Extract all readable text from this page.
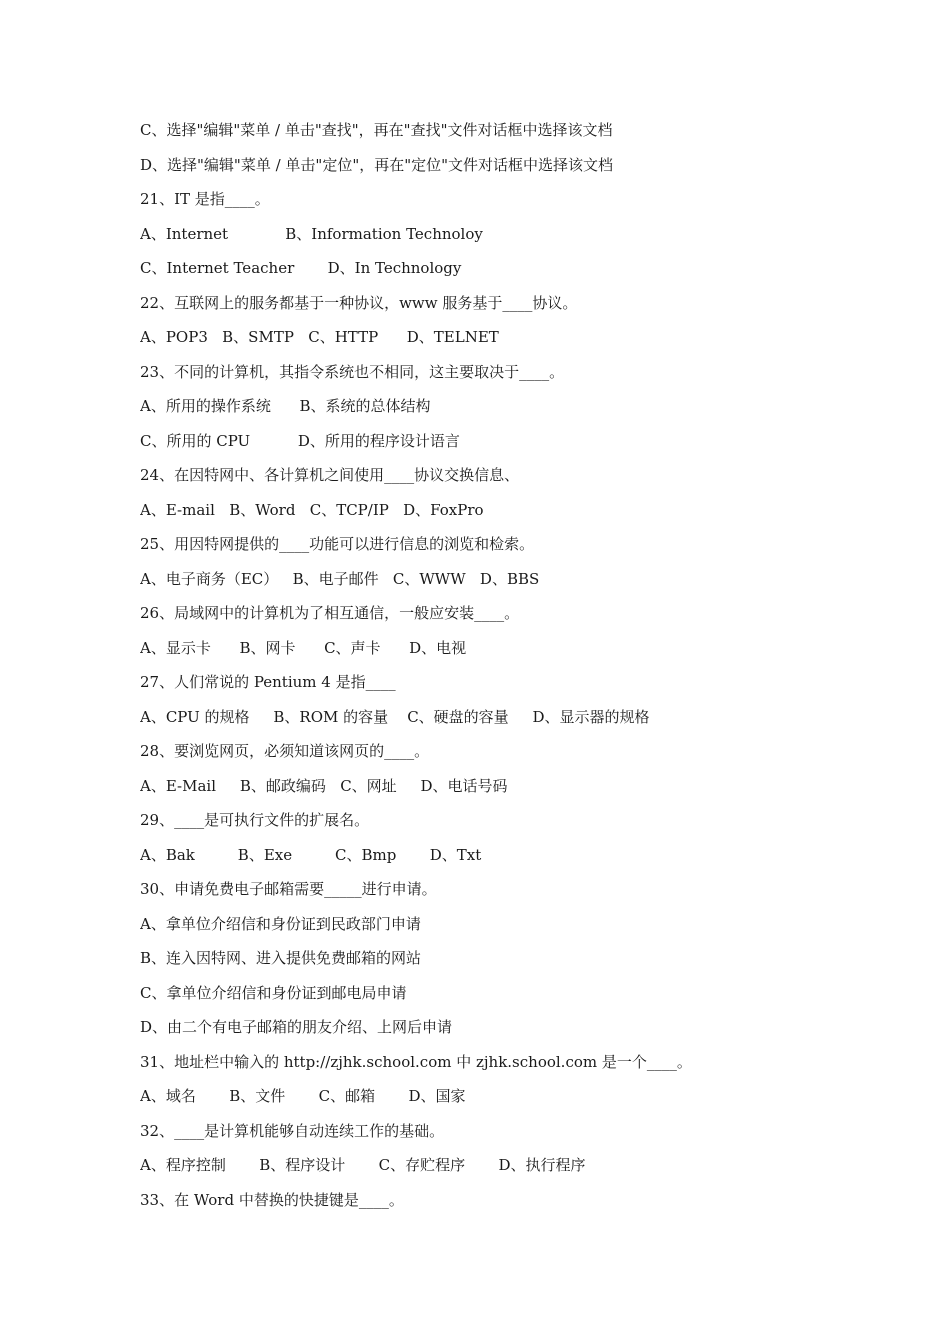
C、选择"编辑"菜单 / 单击"查找"，再在"查找"文件对话框中选择该文档
D、选择"编辑"菜单 / 单击"定位"，再在"定位"文件对话框中选择该文档
21、IT 是指____。
A、Internet            B、Information Technoloy
C、Internet Teacher       D、In Technology
22、互联网上的服务都基于一种协议，www 服务基于____协议。
A、POP3   B、SMTP   C、HTTP      D、TELNET
23、不同的计算机，其指令系统也不相同，这主要取决于____。
A、所用的操作系统      B、系统的总体结构
C、所用的 CPU          D、所用的程序设计语言
24、在因特网中、各计算机之间使用____协议交换信息、
A、E-mail   B、Word   C、TCP/IP   D、FoxPro
25、用因特网提供的____功能可以进行信息的浏览和检索。
A、电子商务（EC）   B、电子邮件   C、WWW   D、BBS
26、局域网中的计算机为了相互通信，一般应安装____。
A、显示卡      B、网卡      C、声卡      D、电视
27、人们常说的 Pentium 4 是指____
A、CPU 的规格     B、ROM 的容量    C、硬盘的容量     D、显示器的规格
28、要浏览网页，必须知道该网页的____。
A、E-Mail     B、邮政编码   C、网址     D、电话号码
29、____是可执行文件的扩展名。
A、Bak         B、Exe         C、Bmp       D、Txt
30、申请免费电子邮箱需要_____进行申请。
A、拿单位介绍信和身份证到民政部门申请
B、连入因特网、进入提供免费邮箱的网站
C、拿单位介绍信和身份证到邮电局申请
D、由二个有电子邮箱的朋友介绍、上网后申请
31、地址栏中输入的 http://zjhk.school.com 中 zjhk.school.com 是一个____。
A、域名       B、文件       C、邮箱       D、国家
32、____是计算机能够自动连续工作的基础。
A、程序控制       B、程序设计       C、存贮程序       D、执行程序
33、在 Word 中替换的快捷键是____。
